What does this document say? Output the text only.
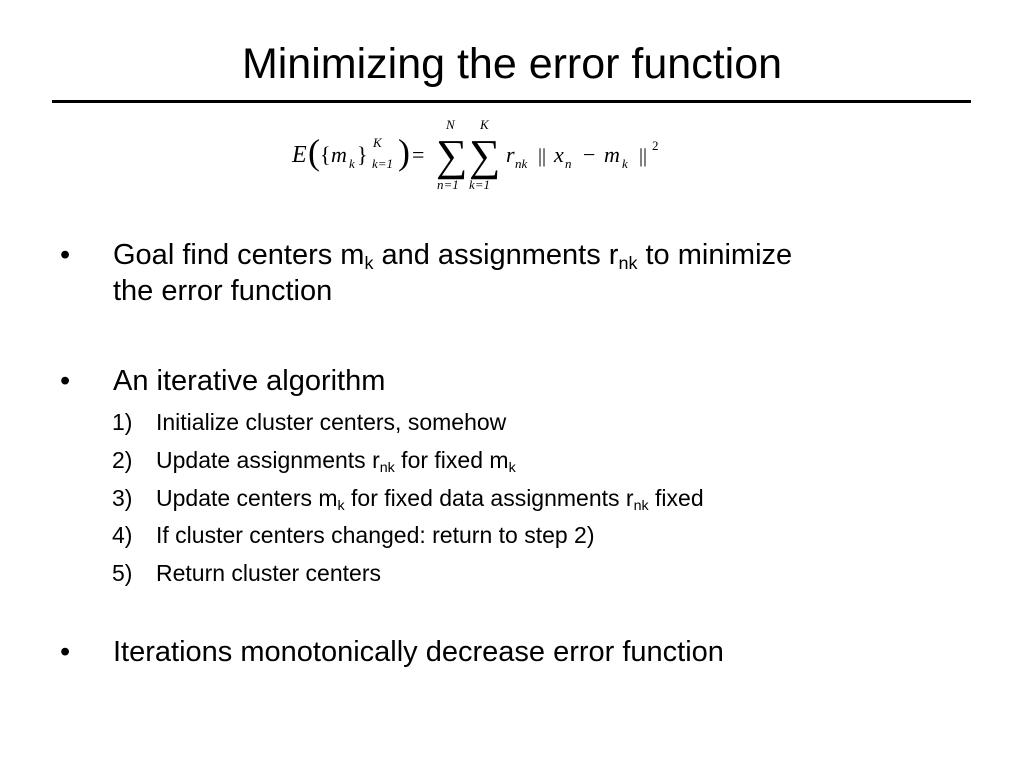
Minimizing the error function
E ( { m k } K
k=1 ) =
N
∑
n=1
K
∑
k=1
r nk || x n − m k || 2
•	Goal find centers $m_k$ and assignments $r_{nk}$ to minimize
the error function
•	An iterative algorithm
1)	Initialize cluster centers, somehow
2)	Update assignments $r_{nk}$ for fixed $m_k$
3)	Update centers $m_k$ for fixed data assignments $r_{nk}$ fixed
4)	If cluster centers changed: return to step 2)
5)	Return cluster centers
•	Iterations monotonically decrease error function
